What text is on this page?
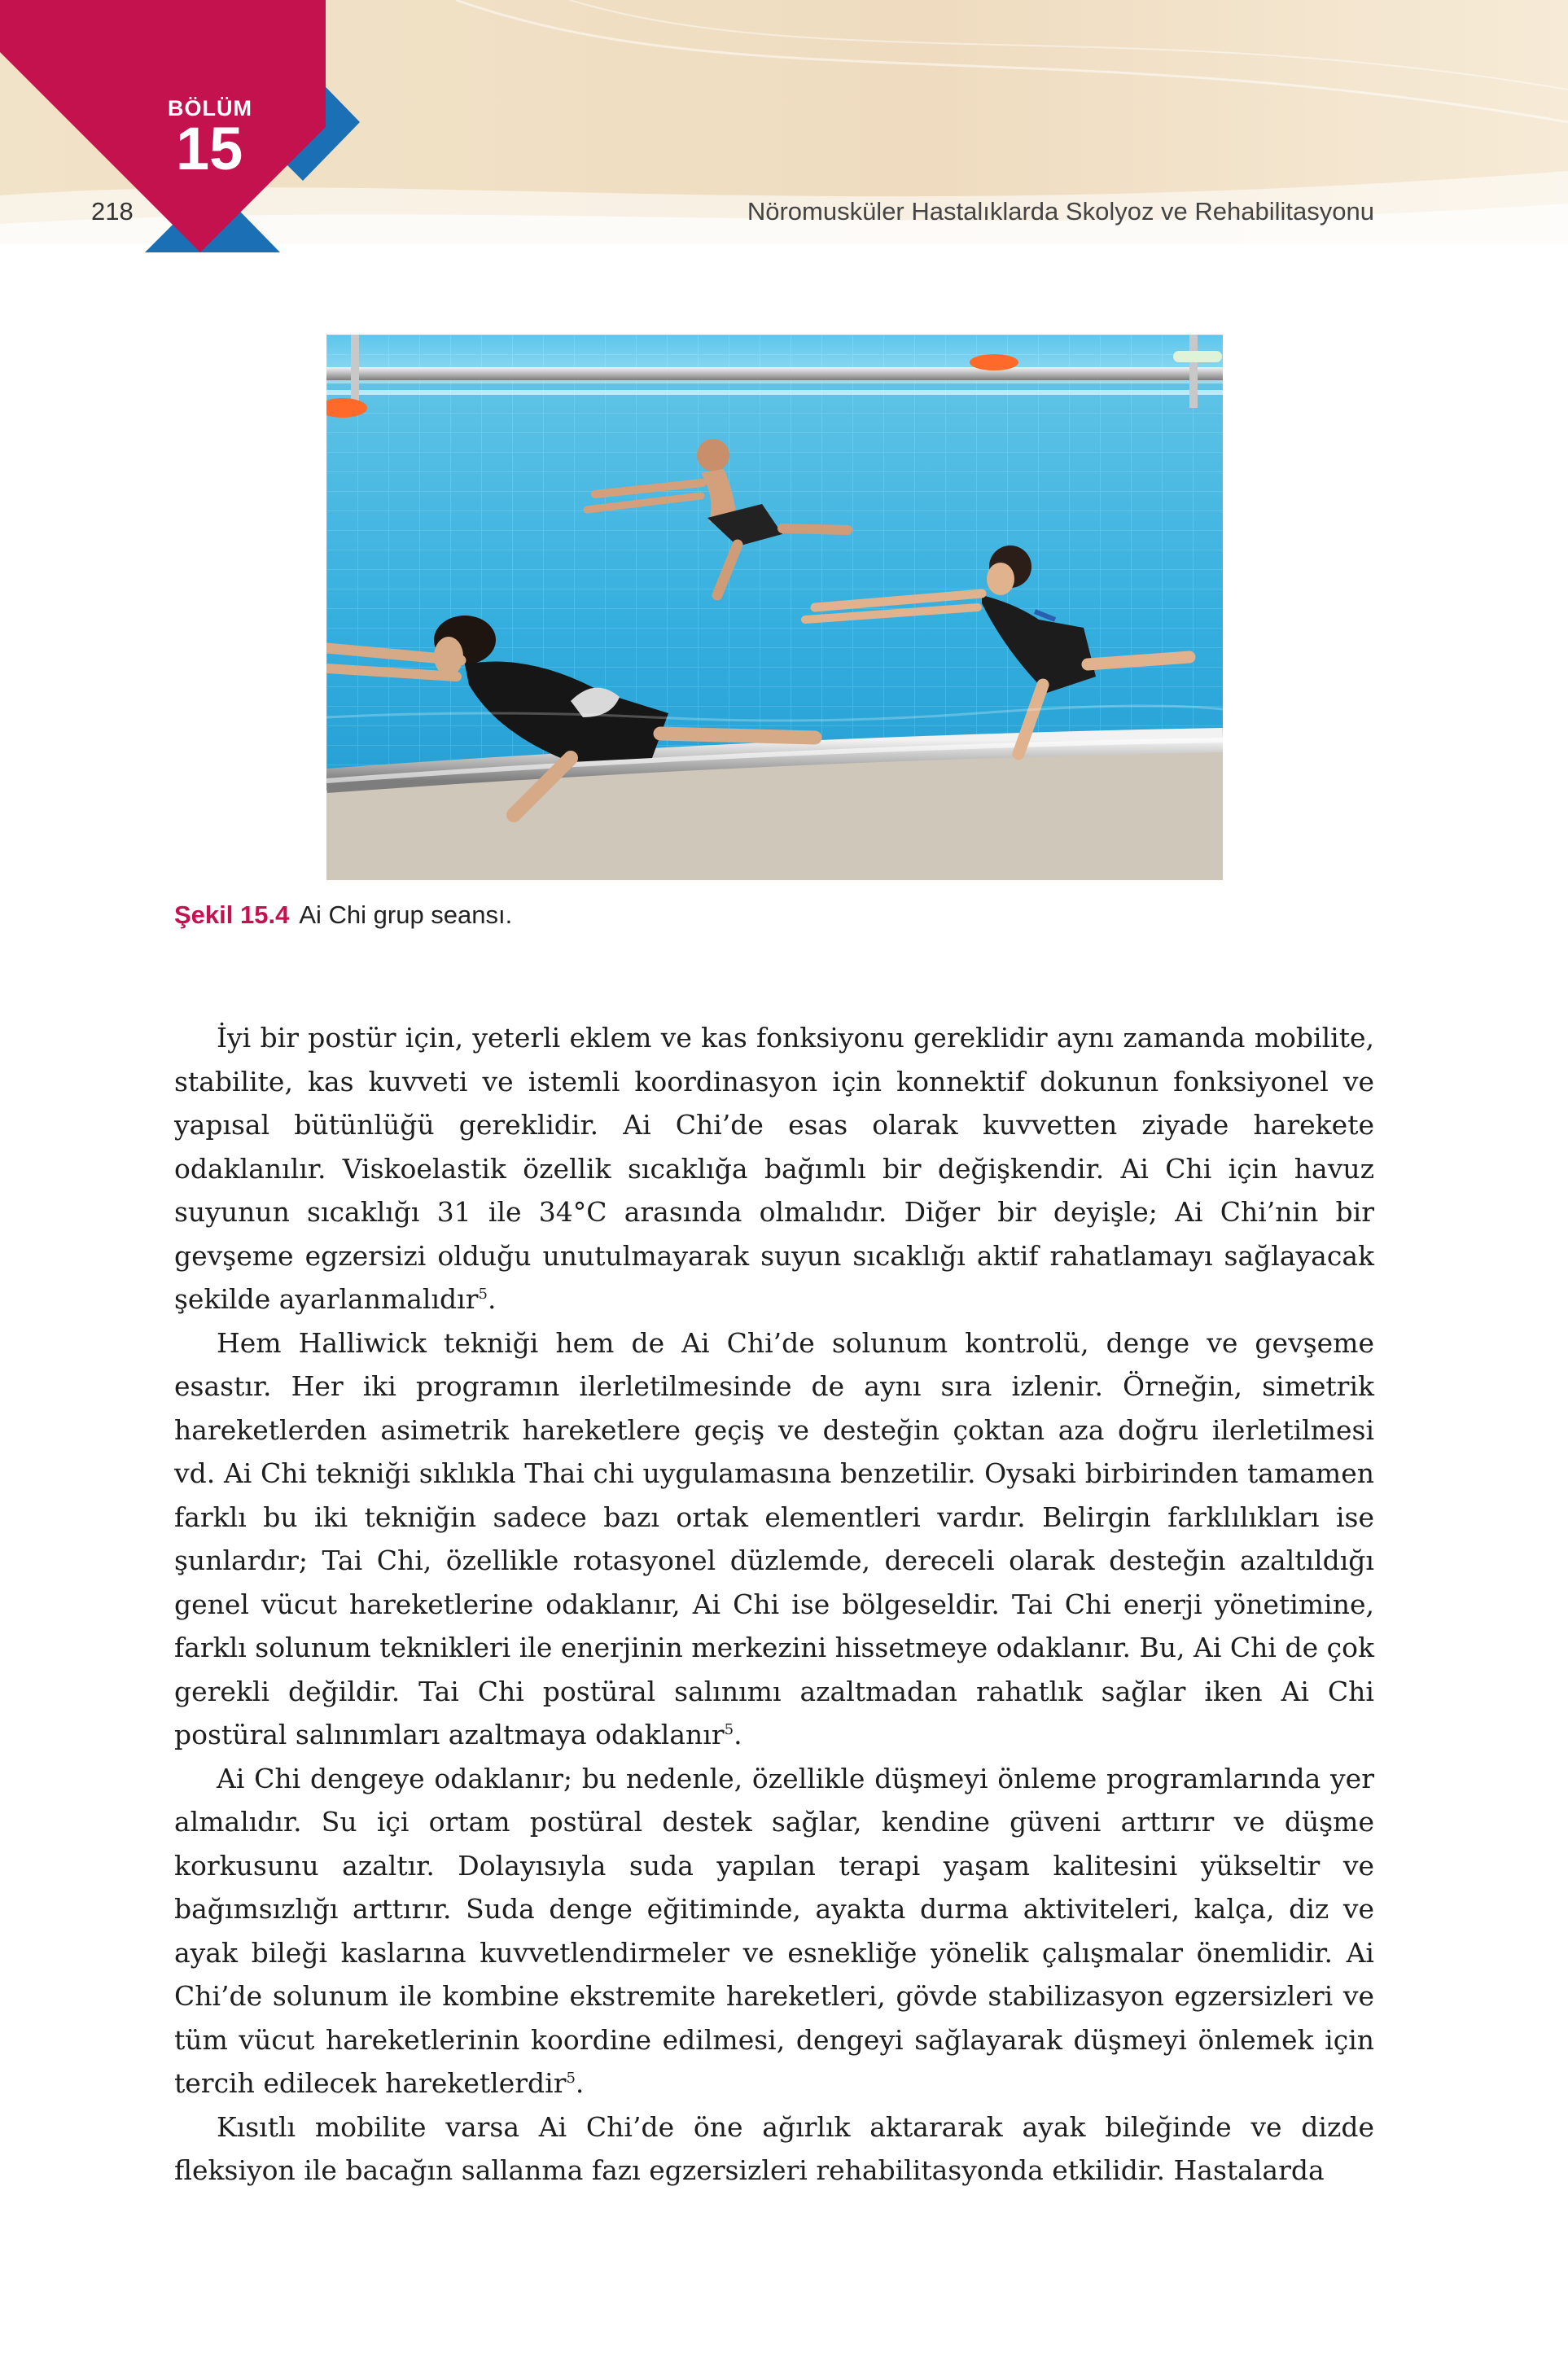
BÖLÜM
15
218	Nöromusküler Hastalıklarda Skolyoz ve Rehabilitasyonu
Şekil 15.4 Ai Chi grup seansı.

İyi bir postür için, yeterli eklem ve kas fonksiyonu gereklidir aynı zamanda mobilite, stabilite, kas kuvveti ve istemli koordinasyon için konnektif dokunun fonksiyonel ve yapısal bütünlüğü gereklidir. Ai Chi’de esas olarak kuvvetten ziyade harekete odaklanılır. Viskoelastik özellik sıcaklığa bağımlı bir değişkendir. Ai Chi için havuz suyunun sıcaklığı 31 ile 34°C arasında olmalıdır. Diğer bir deyişle; Ai Chi’nin bir gevşeme egzersizi olduğu unutulmayarak suyun sıcaklığı aktif rahatlamayı sağlayacak şekilde ayarlanmalıdır$^5$.

Hem Halliwick tekniği hem de Ai Chi’de solunum kontrolü, denge ve gevşeme esastır. Her iki programın ilerletilmesinde de aynı sıra izlenir. Örneğin, simetrik hareketlerden asimetrik hareketlere geçiş ve desteğin çoktan aza doğru ilerletilmesi vd. Ai Chi tekniği sıklıkla Thai chi uygulamasına benzetilir. Oysaki birbirinden tamamen farklı bu iki tekniğin sadece bazı ortak elementleri vardır. Belirgin farklılıkları ise şunlardır; Tai Chi, özellikle rotasyonel düzlemde, dereceli olarak desteğin azaltıldığı genel vücut hareketlerine odaklanır, Ai Chi ise bölgeseldir. Tai Chi enerji yönetimine, farklı solunum teknikleri ile enerjinin merkezini hissetmeye odaklanır. Bu, Ai Chi de çok gerekli değildir. Tai Chi postüral salınımı azaltmadan rahatlık sağlar iken Ai Chi postüral salınımları azaltmaya odaklanır$^5$.

Ai Chi dengeye odaklanır; bu nedenle, özellikle düşmeyi önleme programlarında yer almalıdır. Su içi ortam postüral destek sağlar, kendine güveni arttırır ve düşme korkusunu azaltır. Dolayısıyla suda yapılan terapi yaşam kalitesini yükseltir ve bağımsızlığı arttırır. Suda denge eğitiminde, ayakta durma aktiviteleri, kalça, diz ve ayak bileği kaslarına kuvvetlendirmeler ve esnekliğe yönelik çalışmalar önemlidir. Ai Chi’de solunum ile kombine ekstremite hareketleri, gövde stabilizasyon egzersizleri ve tüm vücut hareketlerinin koordine edilmesi, dengeyi sağlayarak düşmeyi önlemek için tercih edilecek hareketlerdir$^5$.

Kısıtlı mobilite varsa Ai Chi’de öne ağırlık aktararak ayak bileğinde ve dizde fleksiyon ile bacağın sallanma fazı egzersizleri rehabilitasyonda etkilidir. Hastalarda
